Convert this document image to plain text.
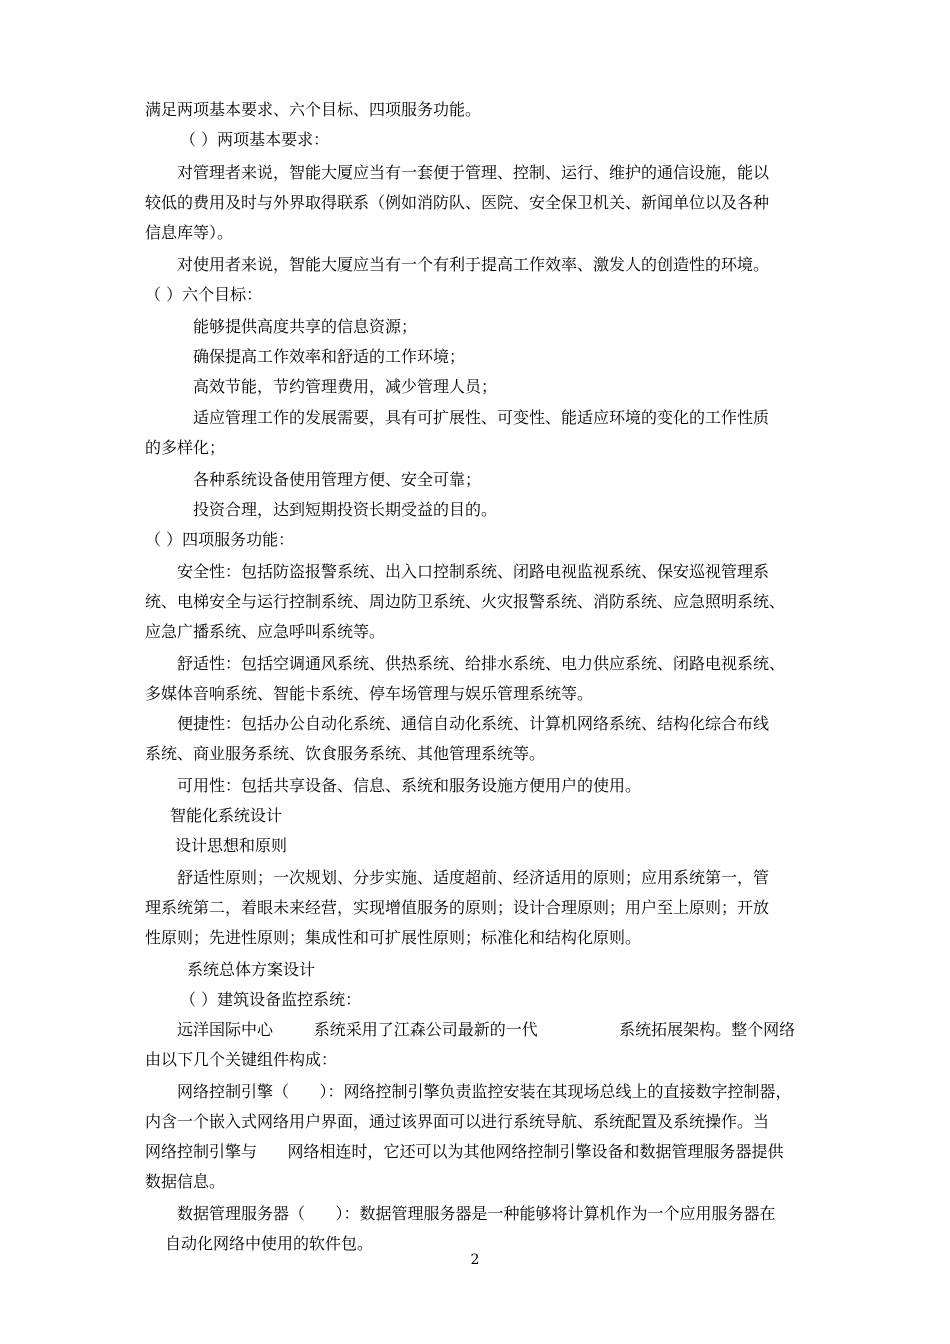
满足两项基本要求、六个目标、四项服务功能。
（ ）两项基本要求：
对管理者来说，智能大厦应当有一套便于管理、控制、运行、维护的通信设施，能以
较低的费用及时与外界取得联系（例如消防队、医院、安全保卫机关、新闻单位以及各种
信息库等）。
对使用者来说，智能大厦应当有一个有利于提高工作效率、激发人的创造性的环境。
（ ）六个目标：
能够提供高度共享的信息资源；
确保提高工作效率和舒适的工作环境；
高效节能，节约管理费用，减少管理人员；
适应管理工作的发展需要，具有可扩展性、可变性、能适应环境的变化的工作性质
的多样化；
各种系统设备使用管理方便、安全可靠；
投资合理，达到短期投资长期受益的目的。
（ ）四项服务功能：
安全性：包括防盗报警系统、出入口控制系统、闭路电视监视系统、保安巡视管理系
统、电梯安全与运行控制系统、周边防卫系统、火灾报警系统、消防系统、应急照明系统、
应急广播系统、应急呼叫系统等。
舒适性：包括空调通风系统、供热系统、给排水系统、电力供应系统、闭路电视系统、
多媒体音响系统、智能卡系统、停车场管理与娱乐管理系统等。
便捷性：包括办公自动化系统、通信自动化系统、计算机网络系统、结构化综合布线
系统、商业服务系统、饮食服务系统、其他管理系统等。
可用性：包括共享设备、信息、系统和服务设施方便用户的使用。
智能化系统设计
设计思想和原则
舒适性原则；一次规划、分步实施、适度超前、经济适用的原则；应用系统第一，管
理系统第二，着眼未来经营，实现增值服务的原则；设计合理原则；用户至上原则；开放
性原则；先进性原则；集成性和可扩展性原则；标准化和结构化原则。
系统总体方案设计
（ ）建筑设备监控系统：
远洋国际中心        系统采用了江森公司最新的一代                系统拓展架构。整个网络
由以下几个关键组件构成：
网络控制引擎（      ）：网络控制引擎负责监控安装在其现场总线上的直接数字控制器，
内含一个嵌入式网络用户界面，通过该界面可以进行系统导航、系统配置及系统操作。当
网络控制引擎与      网络相连时，它还可以为其他网络控制引擎设备和数据管理服务器提供
数据信息。
数据管理服务器（      ）：数据管理服务器是一种能够将计算机作为一个应用服务器在
自动化网络中使用的软件包。
2
